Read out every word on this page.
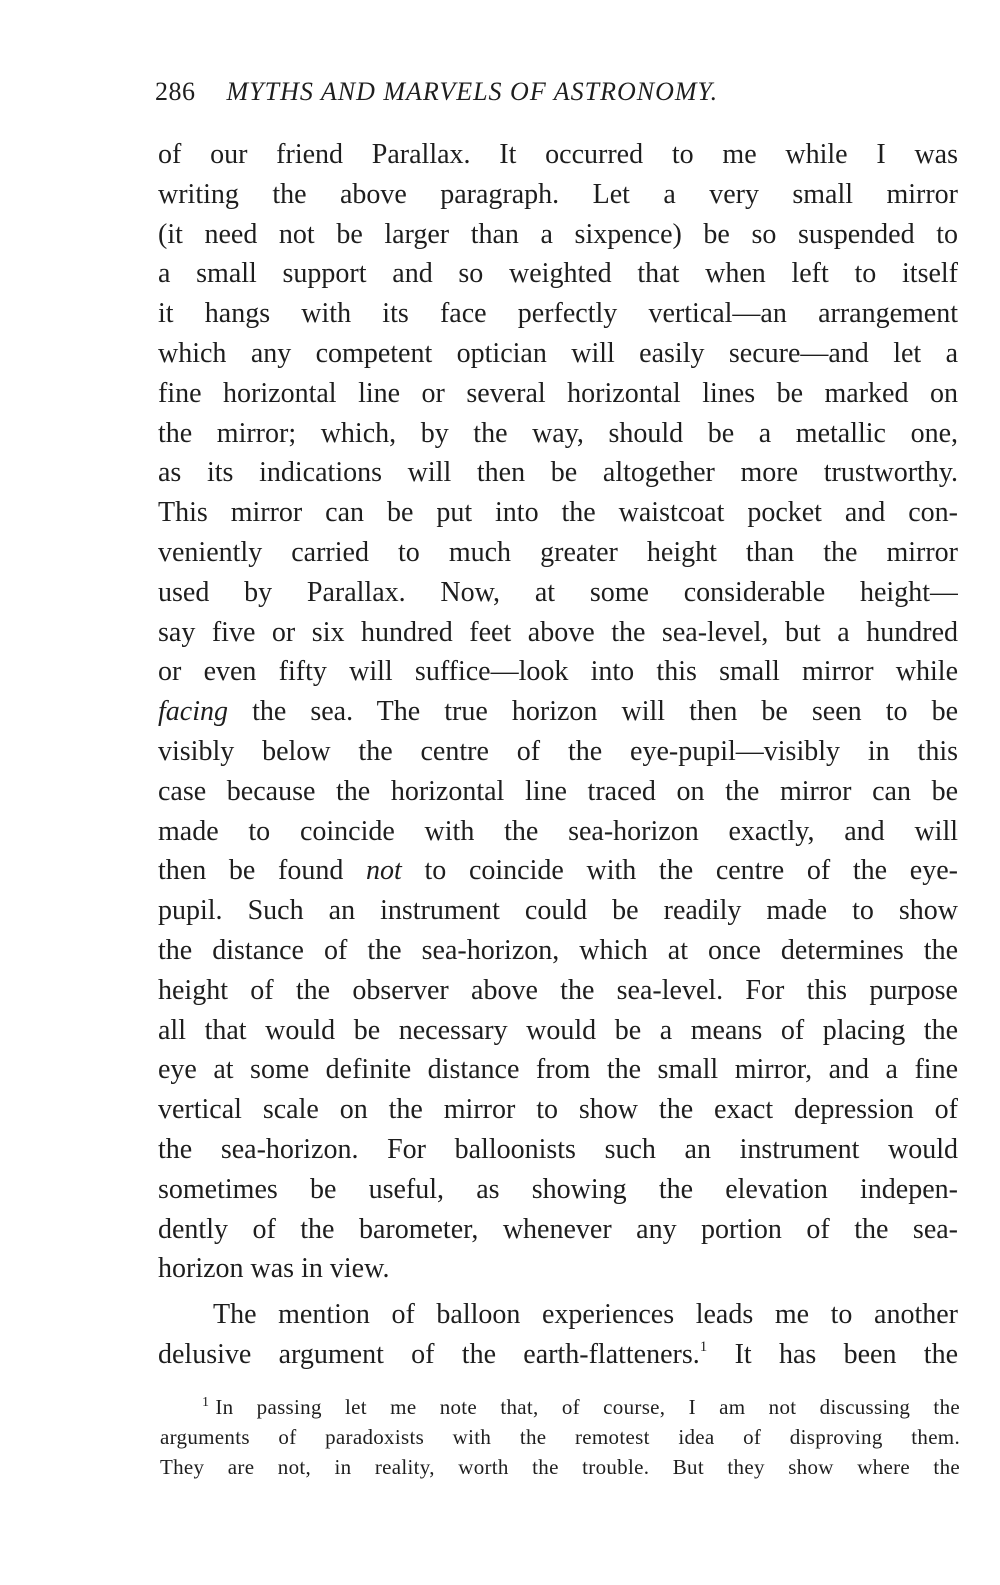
286 MYTHS AND MARVELS OF ASTRONOMY.
of our friend Parallax. It occurred to me while I was
writing the above paragraph. Let a very small mirror
(it need not be larger than a sixpence) be so suspended to
a small support and so weighted that when left to itself
it hangs with its face perfectly vertical—an arrangement
which any competent optician will easily secure—and let a
fine horizontal line or several horizontal lines be marked on
the mirror; which, by the way, should be a metallic one,
as its indications will then be altogether more trustworthy.
This mirror can be put into the waistcoat pocket and con-
veniently carried to much greater height than the mirror
used by Parallax. Now, at some considerable height—
say five or six hundred feet above the sea-level, but a hundred
or even fifty will suffice—look into this small mirror while
facing the sea. The true horizon will then be seen to be
visibly below the centre of the eye-pupil—visibly in this
case because the horizontal line traced on the mirror can be
made to coincide with the sea-horizon exactly, and will
then be found not to coincide with the centre of the eye-
pupil. Such an instrument could be readily made to show
the distance of the sea-horizon, which at once determines the
height of the observer above the sea-level. For this purpose
all that would be necessary would be a means of placing the
eye at some definite distance from the small mirror, and a fine
vertical scale on the mirror to show the exact depression of
the sea-horizon. For balloonists such an instrument would
sometimes be useful, as showing the elevation indepen-
dently of the barometer, whenever any portion of the sea-
horizon was in view.
The mention of balloon experiences leads me to another
delusive argument of the earth-flatteners.$^1$ It has been the
$^1$ In passing let me note that, of course, I am not discussing the
arguments of paradoxists with the remotest idea of disproving them.
They are not, in reality, worth the trouble. But they show where the
